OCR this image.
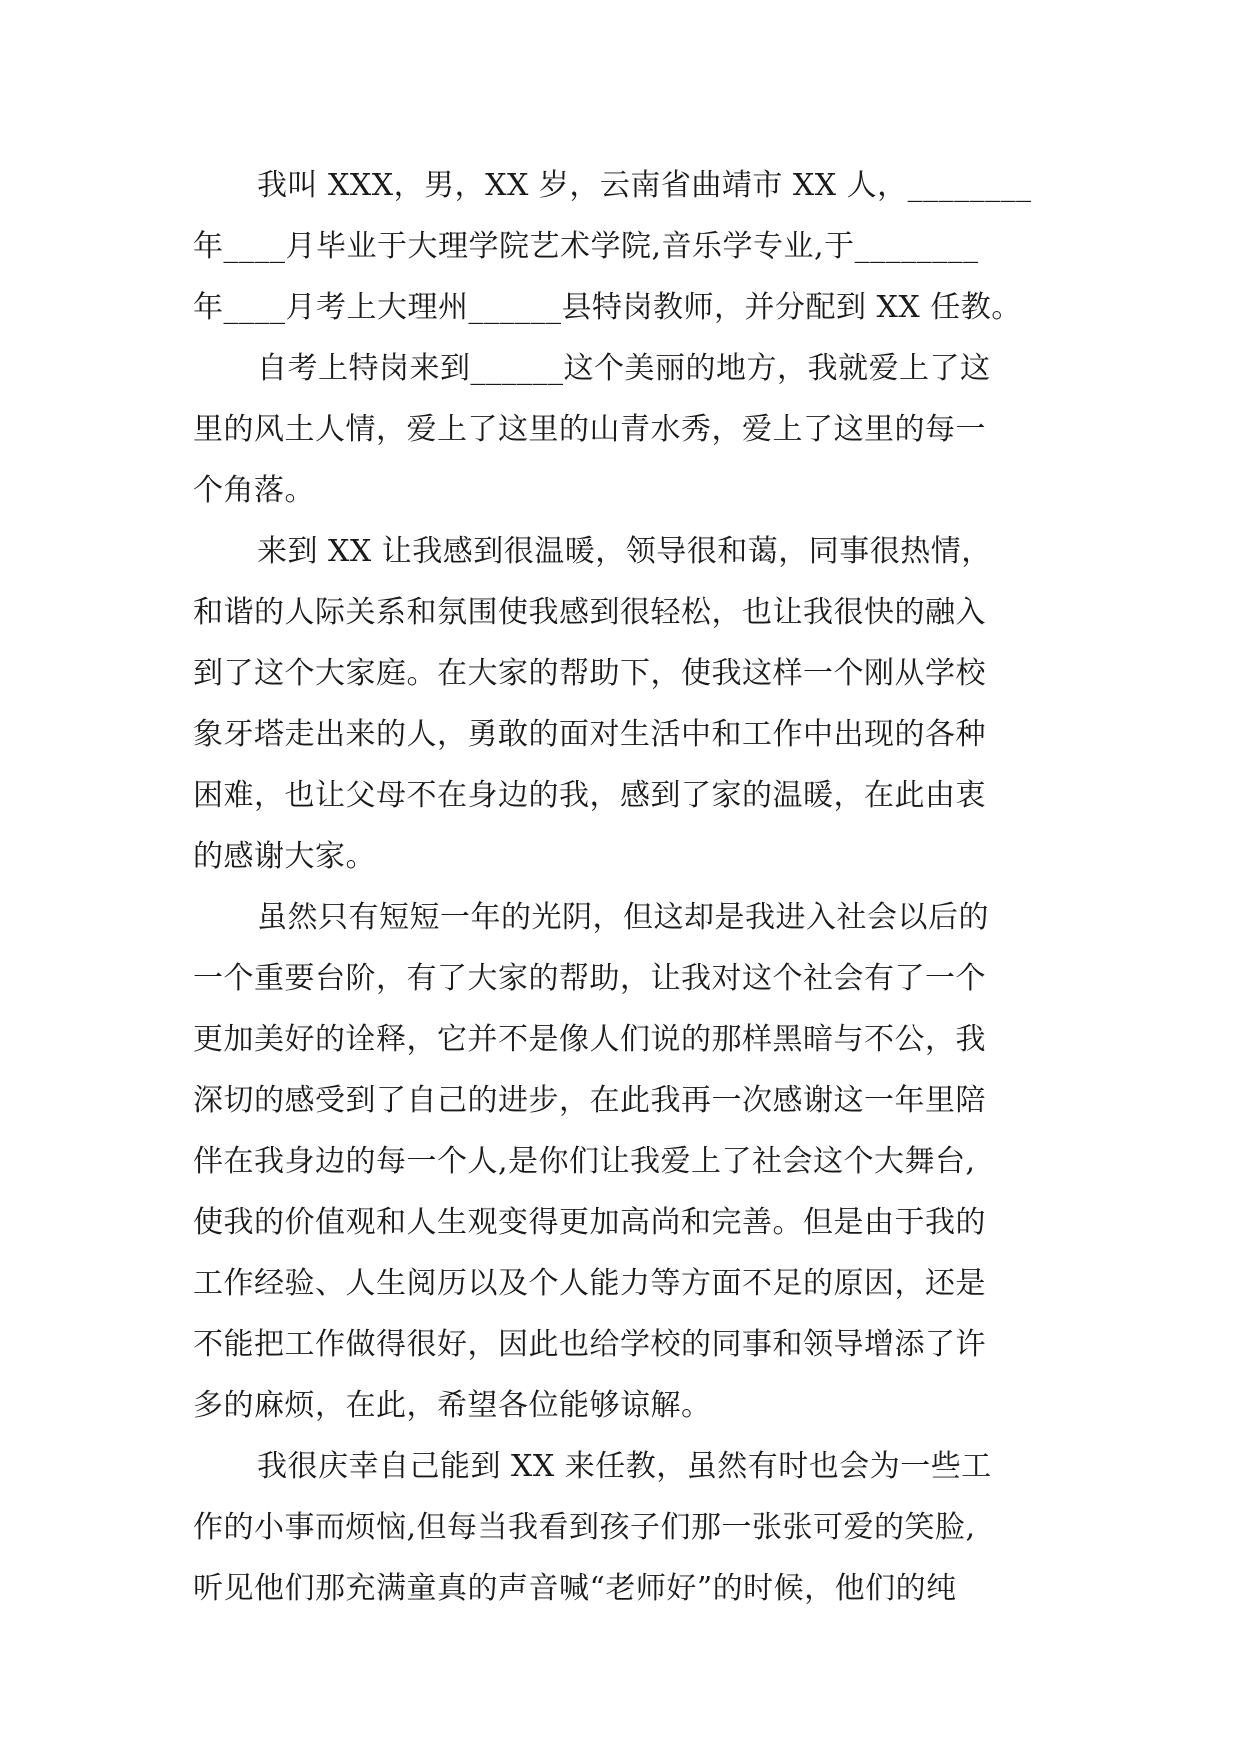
我叫 XXX，男，XX 岁，云南省曲靖市 XX 人，________
年____月毕业于大理学院艺术学院,音乐学专业,于________
年____月考上大理州______县特岗教师，并分配到 XX 任教。
自考上特岗来到______这个美丽的地方，我就爱上了这
里的风土人情，爱上了这里的山青水秀，爱上了这里的每一
个角落。
来到 XX 让我感到很温暖，领导很和蔼，同事很热情，
和谐的人际关系和氛围使我感到很轻松，也让我很快的融入
到了这个大家庭。在大家的帮助下，使我这样一个刚从学校
象牙塔走出来的人，勇敢的面对生活中和工作中出现的各种
困难，也让父母不在身边的我，感到了家的温暖，在此由衷
的感谢大家。
虽然只有短短一年的光阴，但这却是我进入社会以后的
一个重要台阶，有了大家的帮助，让我对这个社会有了一个
更加美好的诠释，它并不是像人们说的那样黑暗与不公，我
深切的感受到了自己的进步，在此我再一次感谢这一年里陪
伴在我身边的每一个人,是你们让我爱上了社会这个大舞台,
使我的价值观和人生观变得更加高尚和完善。但是由于我的
工作经验、人生阅历以及个人能力等方面不足的原因，还是
不能把工作做得很好，因此也给学校的同事和领导增添了许
多的麻烦，在此，希望各位能够谅解。
我很庆幸自己能到 XX 来任教，虽然有时也会为一些工
作的小事而烦恼,但每当我看到孩子们那一张张可爱的笑脸,
听见他们那充满童真的声音喊“老师好”的时候，他们的纯
